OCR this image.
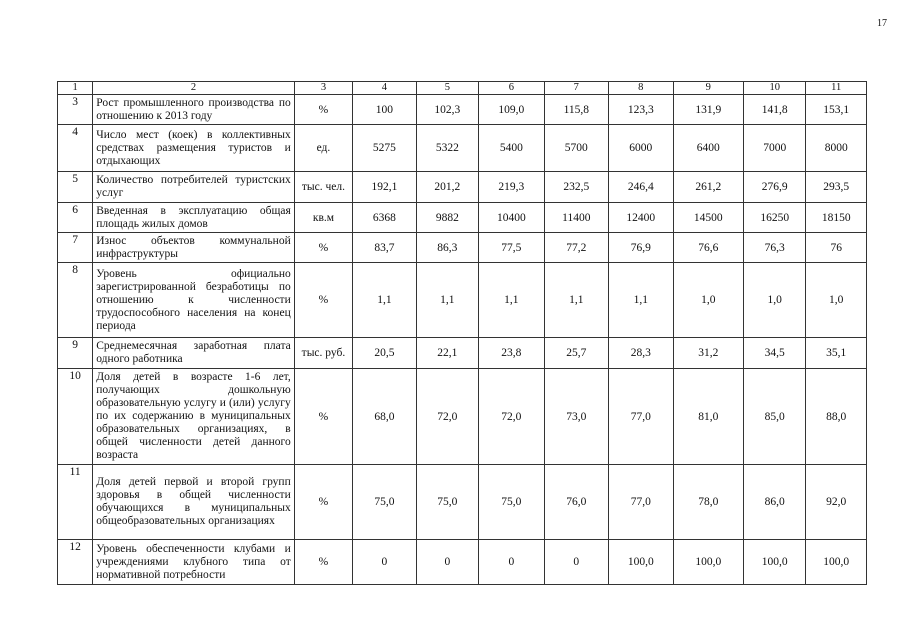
17
1	2	3	4	5	6	7	8	9	10	11
3	Рост промышленного производства по отношению к 2013 году	%	100	102,3	109,0	115,8	123,3	131,9	141,8	153,1
4	Число мест (коек) в коллективных средствах размещения туристов и отдыхающих	ед.	5275	5322	5400	5700	6000	6400	7000	8000
5	Количество потребителей туристских услуг	тыс. чел.	192,1	201,2	219,3	232,5	246,4	261,2	276,9	293,5
6	Введенная в эксплуатацию общая площадь жилых домов	кв.м	6368	9882	10400	11400	12400	14500	16250	18150
7	Износ объектов коммунальной инфраструктуры	%	83,7	86,3	77,5	77,2	76,9	76,6	76,3	76
8	Уровень официально зарегистрированной безработицы по отношению к численности трудоспособного населения на конец периода	%	1,1	1,1	1,1	1,1	1,1	1,0	1,0	1,0
9	Среднемесячная заработная плата одного работника	тыс. руб.	20,5	22,1	23,8	25,7	28,3	31,2	34,5	35,1
10	Доля детей в возрасте 1-6 лет, получающих дошкольную образовательную услугу и (или) услугу по их содержанию в муниципальных образовательных организациях, в общей численности детей данного возраста	%	68,0	72,0	72,0	73,0	77,0	81,0	85,0	88,0
11	Доля детей первой и второй групп здоровья в общей численности обучающихся в муниципальных общеобразовательных организациях	%	75,0	75,0	75,0	76,0	77,0	78,0	86,0	92,0
12	Уровень обеспеченности клубами и учреждениями клубного типа от нормативной потребности	%	0	0	0	0	100,0	100,0	100,0	100,0
